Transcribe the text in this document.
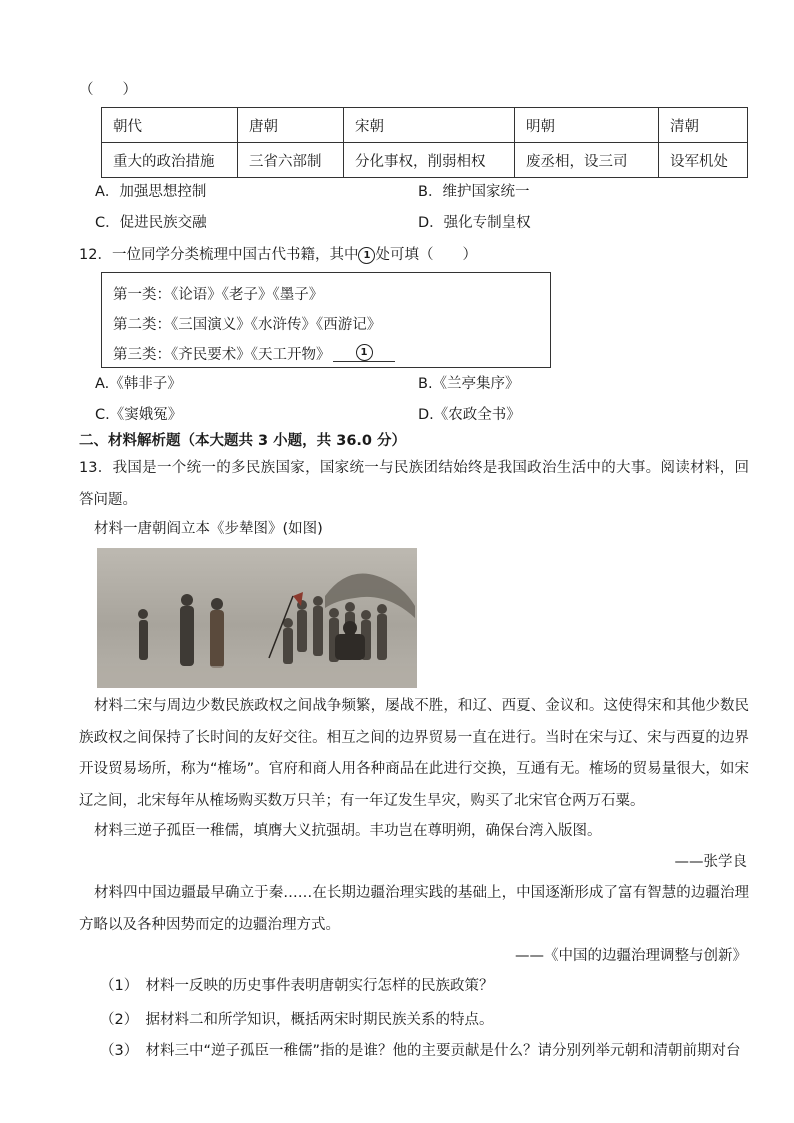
（　　）
朝代	唐朝	宋朝	明朝	清朝
重大的政治措施	三省六部制	分化事权，削弱相权	废丞相，设三司	设军机处
A．加强思想控制	B．维护国家统一
C．促进民族交融	D．强化专制皇权
12．一位同学分类梳理中国古代书籍，其中 1 处可填（　　）
第一类：《论语》《老子》《墨子》
第二类：《三国演义》《水浒传》《西游记》
第三类：《齐民要术》《天工开物》	1
A.《韩非子》	B.《兰亭集序》
C.《窦娥冤》	D.《农政全书》
二、材料解析题（本大题共 3 小题，共 36.0 分）

13．我国是一个统一的多民族国家，国家统一与民族团结始终是我国政治生活中的大事。阅读材料，回答问题。

材料一唐朝阎立本《步辇图》(如图)

材料二宋与周边少数民族政权之间战争频繁，屡战不胜，和辽、西夏、金议和。这使得宋和其他少数民族政权之间保持了长时间的友好交往。相互之间的边界贸易一直在进行。当时在宋与辽、宋与西夏的边界开设贸易场所，称为“榷场”。官府和商人用各种商品在此进行交换，互通有无。榷场的贸易量很大，如宋辽之间，北宋每年从榷场购买数万只羊；有一年辽发生旱灾，购买了北宋官仓两万石粟。

材料三逆子孤臣一稚儒，填膺大义抗强胡。丰功岂在尊明朔，确保台湾入版图。

——张学良

材料四中国边疆最早确立于秦……在长期边疆治理实践的基础上，中国逐渐形成了富有智慧的边疆治理方略以及各种因势而定的边疆治理方式。

——《中国的边疆治理调整与创新》
（1）　材料一反映的历史事件表明唐朝实行怎样的民族政策？
（2）　据材料二和所学知识，概括两宋时期民族关系的特点。
（3）　材料三中“逆子孤臣一稚儒”指的是谁？他的主要贡献是什么？请分别列举元朝和清朝前期对台
